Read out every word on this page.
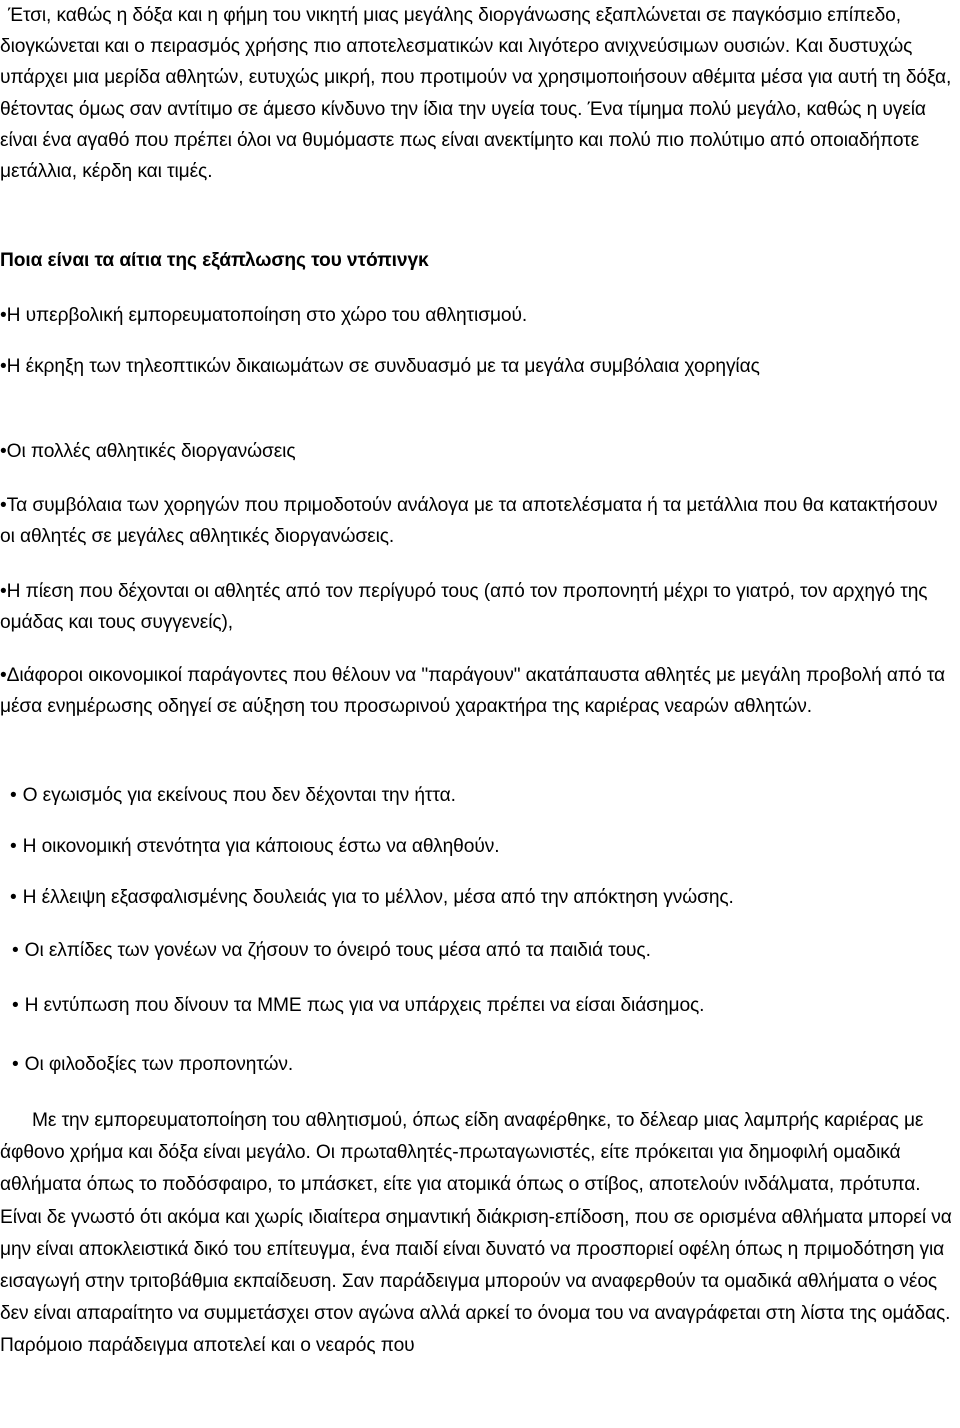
Έτσι, καθώς η δόξα και η φήμη του νικητή μιας μεγάλης διοργάνωσης εξαπλώνεται σε παγκόσμιο επίπεδο, διογκώνεται και ο πειρασμός χρήσης πιο αποτελεσματικών και λιγότερο ανιχνεύσιμων ουσιών. Και δυστυχώς υπάρχει μια μερίδα αθλητών, ευτυχώς μικρή, που προτιμούν να χρησιμοποιήσουν αθέμιτα μέσα για αυτή τη δόξα, θέτοντας όμως σαν αντίτιμο σε άμεσο κίνδυνο την ίδια την υγεία τους. Ένα τίμημα πολύ μεγάλο, καθώς η υγεία είναι ένα αγαθό που πρέπει όλοι να θυμόμαστε πως είναι ανεκτίμητο και πολύ πιο πολύτιμο από οποιαδήποτε μετάλλια, κέρδη και τιμές.

Ποια είναι τα αίτια της εξάπλωσης του ντόπινγκ

•Η υπερβολική εμπορευματοποίηση στο χώρο του αθλητισμού.

•Η έκρηξη των τηλεοπτικών δικαιωμάτων σε συνδυασμό με τα μεγάλα συμβόλαια χορηγίας

•Οι πολλές αθλητικές διοργανώσεις

•Τα συμβόλαια των χορηγών που πριμοδοτούν ανάλογα με τα αποτελέσματα ή τα μετάλλια που θα κατακτήσουν οι αθλητές σε μεγάλες αθλητικές διοργανώσεις.

•Η πίεση που δέχονται οι αθλητές από τον περίγυρό τους (από τον προπονητή μέχρι το γιατρό, τον αρχηγό της ομάδας και τους συγγενείς),

•Διάφοροι οικονομικοί παράγοντες που θέλουν να "παράγουν" ακατάπαυστα αθλητές με μεγάλη προβολή από τα μέσα ενημέρωσης οδηγεί σε αύξηση του προσωρινού χαρακτήρα της καριέρας νεαρών αθλητών.

• Ο εγωισμός για εκείνους που δεν δέχονται την ήττα.

• Η οικονομική στενότητα για κάποιους έστω να αθληθούν.

• Η έλλειψη εξασφαλισμένης δουλειάς για το μέλλον, μέσα από την απόκτηση γνώσης.

• Οι ελπίδες των γονέων να ζήσουν το όνειρό τους μέσα από τα παιδιά τους.

• Η εντύπωση που δίνουν τα ΜΜΕ πως για να υπάρχεις πρέπει να είσαι διάσημος.

• Οι φιλοδοξίες των προπονητών.

Με την εμπορευματοποίηση του αθλητισμού, όπως είδη αναφέρθηκε, το δέλεαρ μιας λαμπρής καριέρας με άφθονο χρήμα και δόξα είναι μεγάλο. Οι πρωταθλητές-πρωταγωνιστές, είτε πρόκειται για δημοφιλή ομαδικά αθλήματα όπως το ποδόσφαιρο, το μπάσκετ, είτε για ατομικά όπως ο στίβος, αποτελούν ινδάλματα, πρότυπα. Είναι δε γνωστό ότι ακόμα και χωρίς ιδιαίτερα σημαντική διάκριση-επίδοση, που σε ορισμένα αθλήματα μπορεί να μην είναι αποκλειστικά δικό του επίτευγμα, ένα παιδί είναι δυνατό να προσποριεί οφέλη όπως η πριμοδότηση για εισαγωγή στην τριτοβάθμια εκπαίδευση. Σαν παράδειγμα μπορούν να αναφερθούν τα ομαδικά αθλήματα ο νέος δεν είναι απαραίτητο να συμμετάσχει στον αγώνα αλλά αρκεί το όνομα του να αναγράφεται στη λίστα της ομάδας. Παρόμοιο παράδειγμα αποτελεί και ο νεαρός που
